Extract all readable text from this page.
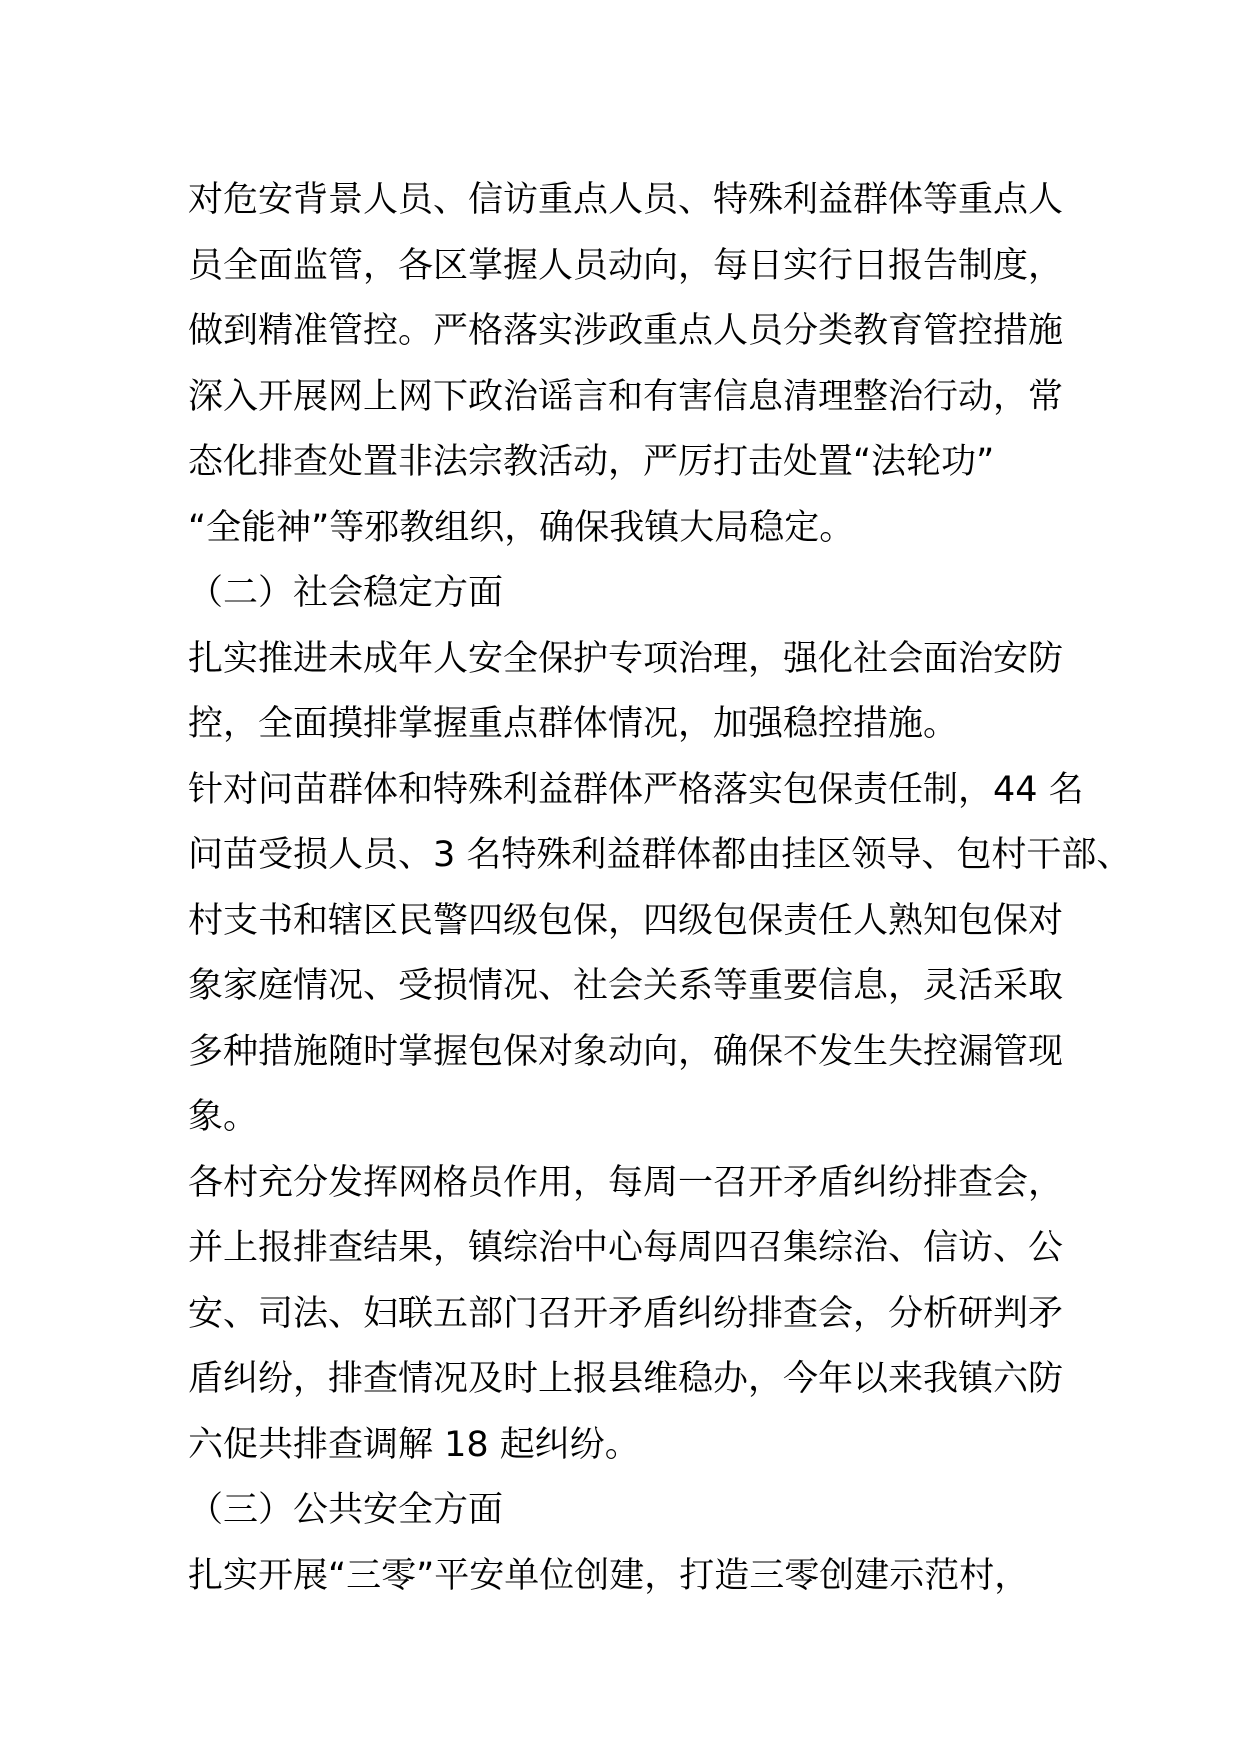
对危安背景人员、信访重点人员、特殊利益群体等重点人
员全面监管，各区掌握人员动向，每日实行日报告制度，
做到精准管控。严格落实涉政重点人员分类教育管控措施
深入开展网上网下政治谣言和有害信息清理整治行动，常
态化排查处置非法宗教活动，严厉打击处置“法轮功”
“全能神”等邪教组织，确保我镇大局稳定。
（二）社会稳定方面
扎实推进未成年人安全保护专项治理，强化社会面治安防
控，全面摸排掌握重点群体情况，加强稳控措施。
针对问苗群体和特殊利益群体严格落实包保责任制，44 名
问苗受损人员、3 名特殊利益群体都由挂区领导、包村干部、
村支书和辖区民警四级包保，四级包保责任人熟知包保对
象家庭情况、受损情况、社会关系等重要信息，灵活采取
多种措施随时掌握包保对象动向，确保不发生失控漏管现
象。
各村充分发挥网格员作用，每周一召开矛盾纠纷排查会，
并上报排查结果，镇综治中心每周四召集综治、信访、公
安、司法、妇联五部门召开矛盾纠纷排查会，分析研判矛
盾纠纷，排查情况及时上报县维稳办，今年以来我镇六防
六促共排查调解 18 起纠纷。
（三）公共安全方面
扎实开展“三零”平安单位创建，打造三零创建示范村，
